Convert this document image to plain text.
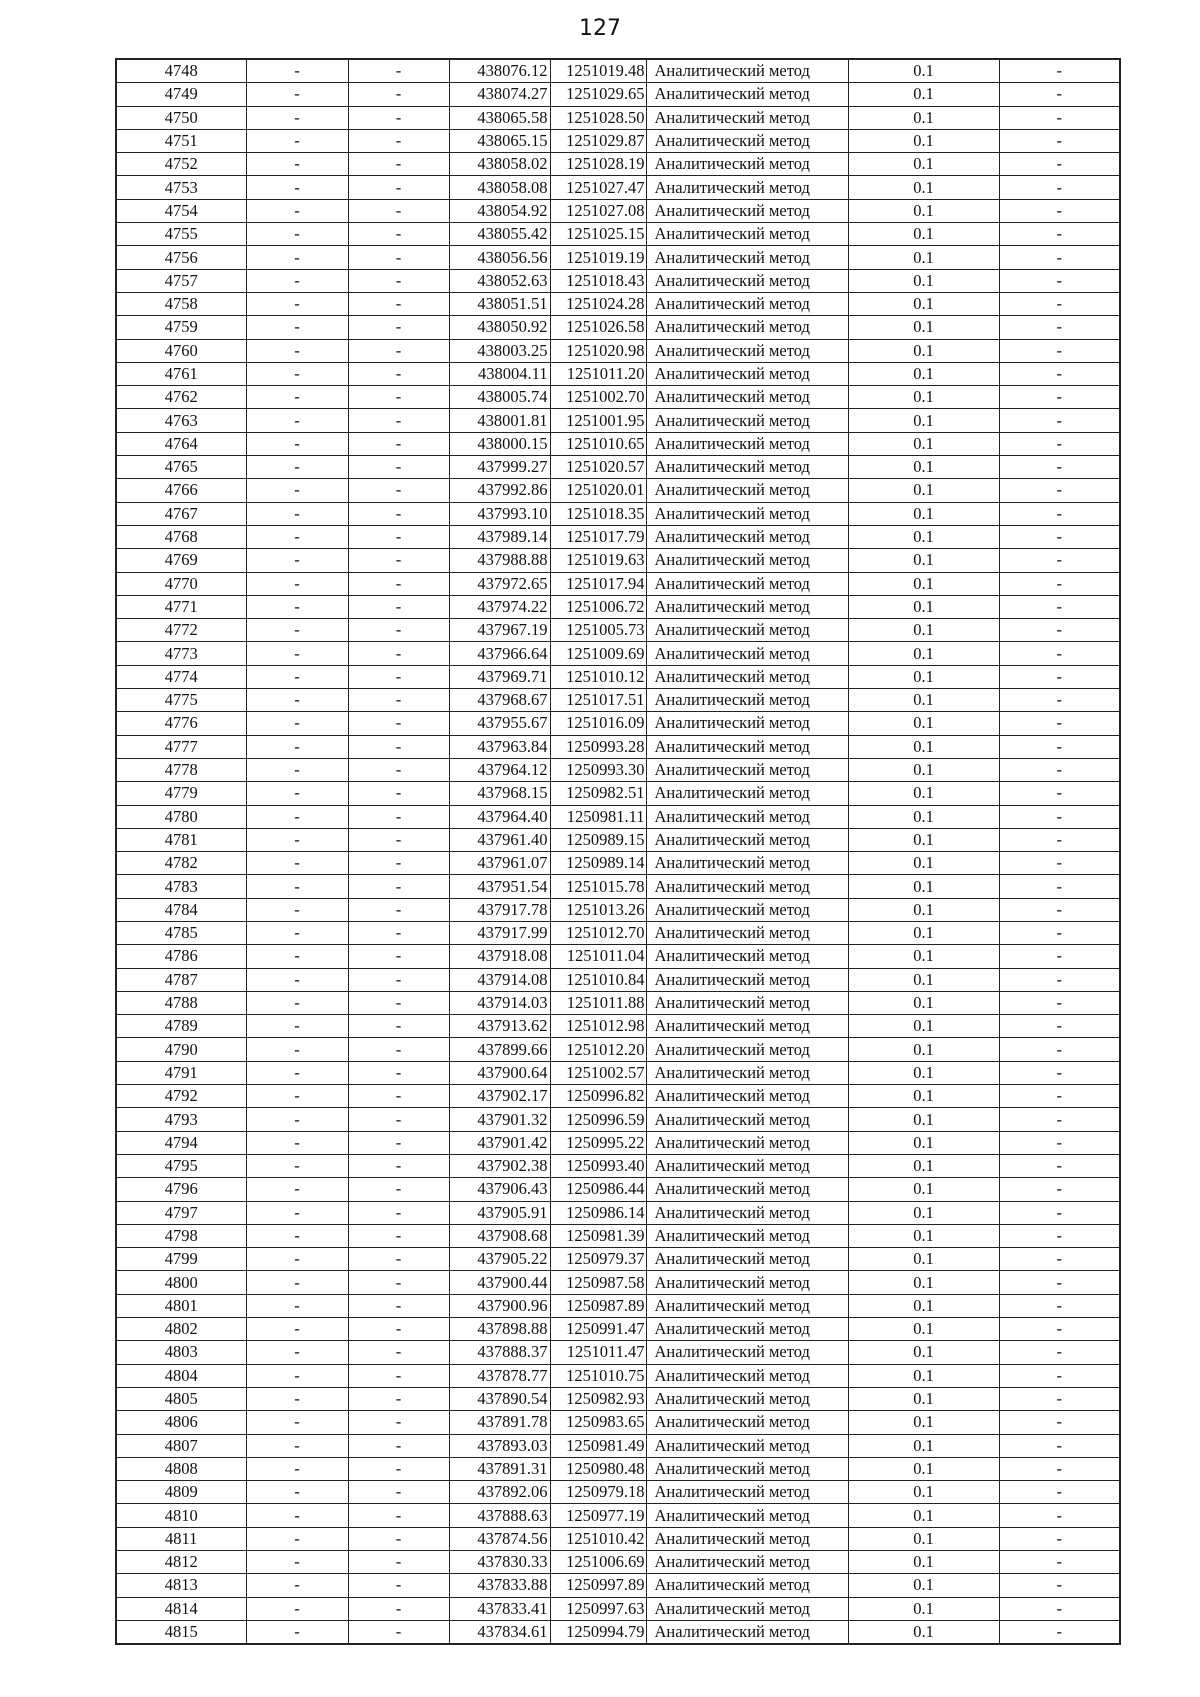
127
4748	-	-	438076.12	1251019.48	Аналитический метод	0.1	-
4749	-	-	438074.27	1251029.65	Аналитический метод	0.1	-
4750	-	-	438065.58	1251028.50	Аналитический метод	0.1	-
4751	-	-	438065.15	1251029.87	Аналитический метод	0.1	-
4752	-	-	438058.02	1251028.19	Аналитический метод	0.1	-
4753	-	-	438058.08	1251027.47	Аналитический метод	0.1	-
4754	-	-	438054.92	1251027.08	Аналитический метод	0.1	-
4755	-	-	438055.42	1251025.15	Аналитический метод	0.1	-
4756	-	-	438056.56	1251019.19	Аналитический метод	0.1	-
4757	-	-	438052.63	1251018.43	Аналитический метод	0.1	-
4758	-	-	438051.51	1251024.28	Аналитический метод	0.1	-
4759	-	-	438050.92	1251026.58	Аналитический метод	0.1	-
4760	-	-	438003.25	1251020.98	Аналитический метод	0.1	-
4761	-	-	438004.11	1251011.20	Аналитический метод	0.1	-
4762	-	-	438005.74	1251002.70	Аналитический метод	0.1	-
4763	-	-	438001.81	1251001.95	Аналитический метод	0.1	-
4764	-	-	438000.15	1251010.65	Аналитический метод	0.1	-
4765	-	-	437999.27	1251020.57	Аналитический метод	0.1	-
4766	-	-	437992.86	1251020.01	Аналитический метод	0.1	-
4767	-	-	437993.10	1251018.35	Аналитический метод	0.1	-
4768	-	-	437989.14	1251017.79	Аналитический метод	0.1	-
4769	-	-	437988.88	1251019.63	Аналитический метод	0.1	-
4770	-	-	437972.65	1251017.94	Аналитический метод	0.1	-
4771	-	-	437974.22	1251006.72	Аналитический метод	0.1	-
4772	-	-	437967.19	1251005.73	Аналитический метод	0.1	-
4773	-	-	437966.64	1251009.69	Аналитический метод	0.1	-
4774	-	-	437969.71	1251010.12	Аналитический метод	0.1	-
4775	-	-	437968.67	1251017.51	Аналитический метод	0.1	-
4776	-	-	437955.67	1251016.09	Аналитический метод	0.1	-
4777	-	-	437963.84	1250993.28	Аналитический метод	0.1	-
4778	-	-	437964.12	1250993.30	Аналитический метод	0.1	-
4779	-	-	437968.15	1250982.51	Аналитический метод	0.1	-
4780	-	-	437964.40	1250981.11	Аналитический метод	0.1	-
4781	-	-	437961.40	1250989.15	Аналитический метод	0.1	-
4782	-	-	437961.07	1250989.14	Аналитический метод	0.1	-
4783	-	-	437951.54	1251015.78	Аналитический метод	0.1	-
4784	-	-	437917.78	1251013.26	Аналитический метод	0.1	-
4785	-	-	437917.99	1251012.70	Аналитический метод	0.1	-
4786	-	-	437918.08	1251011.04	Аналитический метод	0.1	-
4787	-	-	437914.08	1251010.84	Аналитический метод	0.1	-
4788	-	-	437914.03	1251011.88	Аналитический метод	0.1	-
4789	-	-	437913.62	1251012.98	Аналитический метод	0.1	-
4790	-	-	437899.66	1251012.20	Аналитический метод	0.1	-
4791	-	-	437900.64	1251002.57	Аналитический метод	0.1	-
4792	-	-	437902.17	1250996.82	Аналитический метод	0.1	-
4793	-	-	437901.32	1250996.59	Аналитический метод	0.1	-
4794	-	-	437901.42	1250995.22	Аналитический метод	0.1	-
4795	-	-	437902.38	1250993.40	Аналитический метод	0.1	-
4796	-	-	437906.43	1250986.44	Аналитический метод	0.1	-
4797	-	-	437905.91	1250986.14	Аналитический метод	0.1	-
4798	-	-	437908.68	1250981.39	Аналитический метод	0.1	-
4799	-	-	437905.22	1250979.37	Аналитический метод	0.1	-
4800	-	-	437900.44	1250987.58	Аналитический метод	0.1	-
4801	-	-	437900.96	1250987.89	Аналитический метод	0.1	-
4802	-	-	437898.88	1250991.47	Аналитический метод	0.1	-
4803	-	-	437888.37	1251011.47	Аналитический метод	0.1	-
4804	-	-	437878.77	1251010.75	Аналитический метод	0.1	-
4805	-	-	437890.54	1250982.93	Аналитический метод	0.1	-
4806	-	-	437891.78	1250983.65	Аналитический метод	0.1	-
4807	-	-	437893.03	1250981.49	Аналитический метод	0.1	-
4808	-	-	437891.31	1250980.48	Аналитический метод	0.1	-
4809	-	-	437892.06	1250979.18	Аналитический метод	0.1	-
4810	-	-	437888.63	1250977.19	Аналитический метод	0.1	-
4811	-	-	437874.56	1251010.42	Аналитический метод	0.1	-
4812	-	-	437830.33	1251006.69	Аналитический метод	0.1	-
4813	-	-	437833.88	1250997.89	Аналитический метод	0.1	-
4814	-	-	437833.41	1250997.63	Аналитический метод	0.1	-
4815	-	-	437834.61	1250994.79	Аналитический метод	0.1	-
